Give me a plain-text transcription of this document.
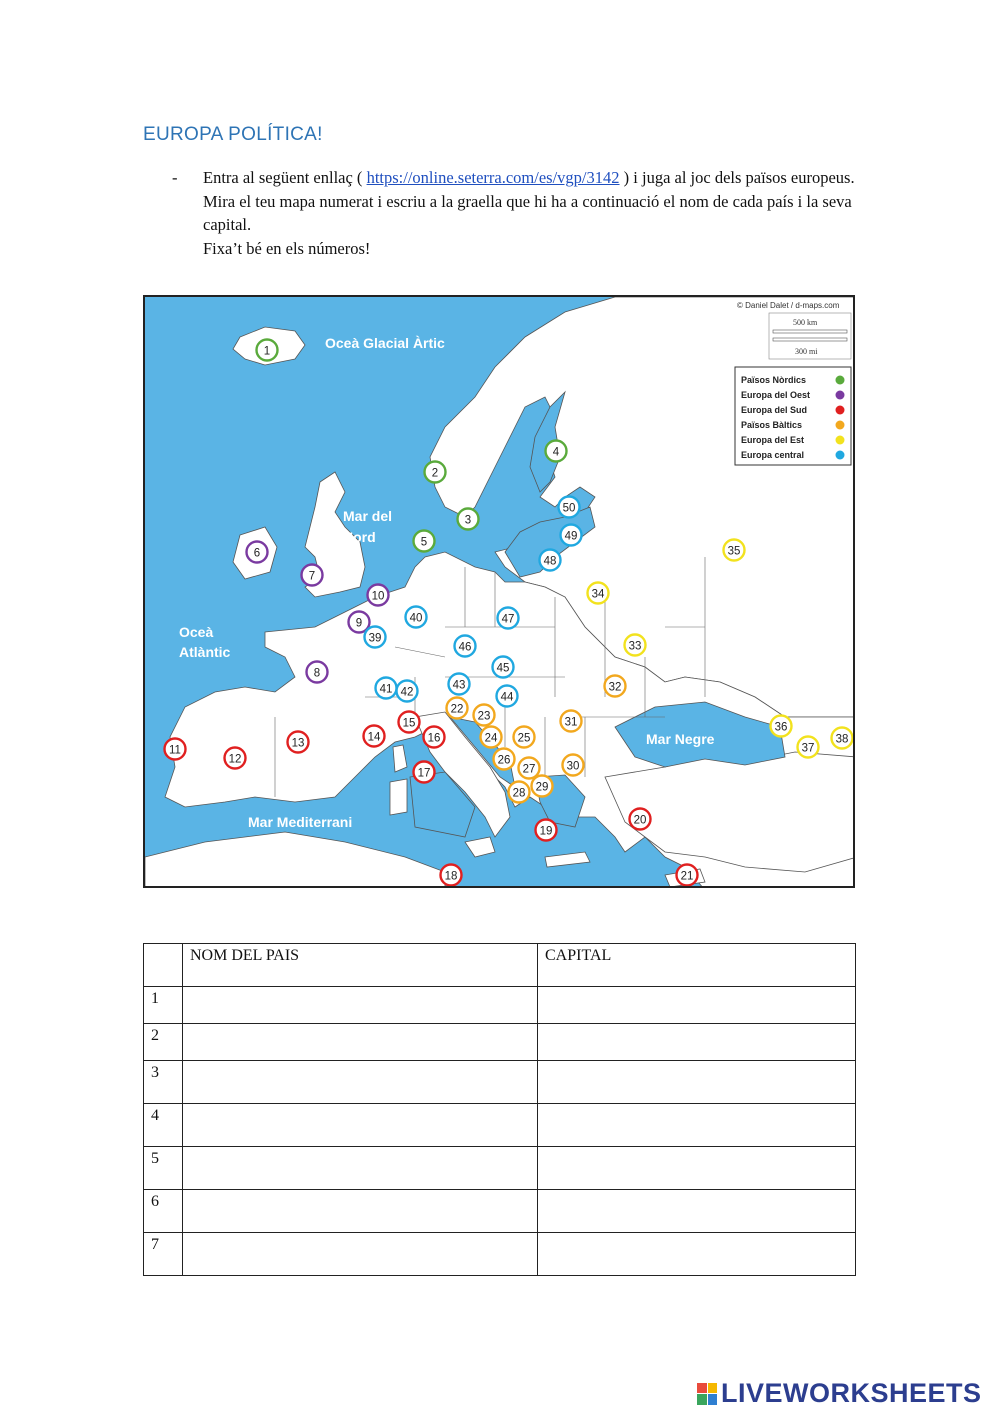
EUROPA POLÍTICA!
- Entra al següent enllaç ( https://online.seterra.com/es/vgp/3142 ) i juga al joc dels països europeus. Mira el teu mapa numerat i escriu a la graella que hi ha a continuació el nom de cada país i la seva capital.
Fixa’t bé en els números!
Oceà Glacial Àrtic
Mar del
Nord
Oceà
Atlàntic
Mar Mediterrani
Mar Negre
© Daniel Dalet / d-maps.com
500 km
300 mi
Països Nòrdics
Europa del Oest
Europa del Sud
Països Bàltics
Europa del Est
Europa central
1
2
3
4
5
6
7
8
9
10
11
12
13	14
15
16
17
18
19
20
21
22
23
24 25
26
27
28 29
30
31
32
33
34
35
36
37
38
39
40
41 42
43
44
45
46
47
48
49
50
	NOM DEL PAIS	CAPITAL
1		
2		
3		
4		
5		
6		
7		
LIVEWORKSHEETS
